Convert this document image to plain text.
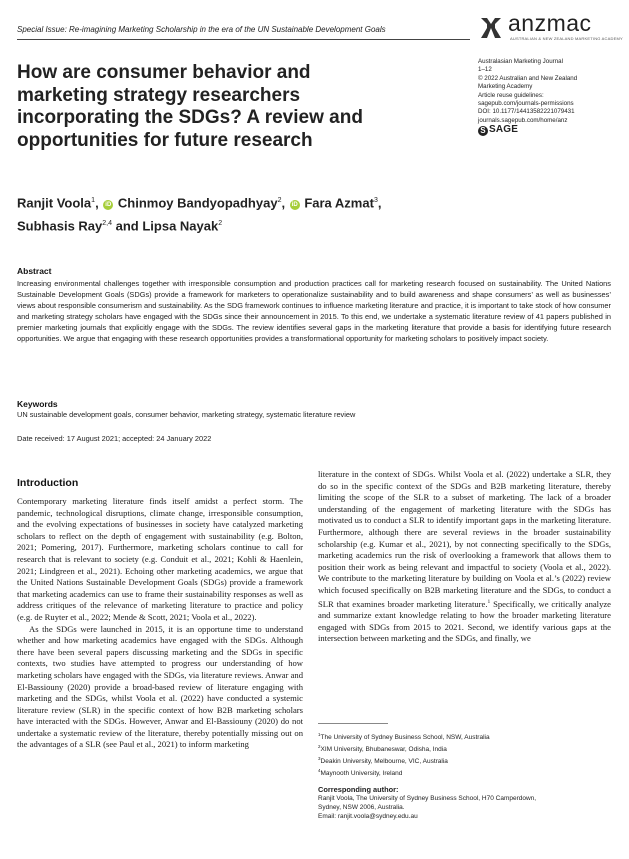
Special Issue: Re-imagining Marketing Scholarship in the era of the UN Sustainable Development Goals	anzmac
AUSTRALIAN & NEW ZEALAND MARKETING ACADEMY
How are consumer behavior and marketing strategy researchers incorporating the SDGs? A review and opportunities for future research
Australasian Marketing Journal
1–12
© 2022 Australian and New Zealand
Marketing Academy
Article reuse guidelines:
sagepub.com/journals-permissions
DOI: 10.1177/14413582221079431
journals.sagepub.com/home/anz
S SAGE
Ranjit Voola$^1$, iD Chinmoy Bandyopadhyay$^2$, iD Fara Azmat$^3$,
Subhasis Ray$^{2,4}$ and Lipsa Nayak$^2$
Abstract
Increasing environmental challenges together with irresponsible consumption and production practices call for marketing research focused on sustainability. The United Nations Sustainable Development Goals (SDGs) provide a framework for marketers to operationalize sustainability and to build awareness and shape consumers’ as well as businesses’ views about responsible consumerism and sustainability. As the SDG framework continues to influence marketing literature and practice, it is important to take stock of how consumer and marketing strategy scholars have engaged with the SDGs since their announcement in 2015. To this end, we undertake a systematic literature review of 41 papers published in premier marketing journals that explicitly engage with the SDGs. The review identifies several gaps in the marketing literature that provide a basis for identifying future research opportunities. We argue that engaging with these research opportunities provides a transformational opportunity for marketing scholars to positively impact society.
Keywords
UN sustainable development goals, consumer behavior, marketing strategy, systematic literature review
Date received: 17 August 2021; accepted: 24 January 2022
Introduction

Contemporary marketing literature finds itself amidst a perfect storm. The pandemic, technological disruptions, climate change, irresponsible consumption, and the evolving expectations of businesses in society have catalyzed marketing scholars to reflect on the depth of engagement with sustainability (e.g. Bolton, 2021; Pomering, 2017). Furthermore, marketing scholars continue to call for research that is relevant to society (e.g. Conduit et al., 2021; Kohli & Haenlein, 2021; Lindgreen et al., 2021). Echoing other marketing academics, we argue that the United Nations Sustainable Development Goals (SDGs) provide a framework that marketing academics can use to frame their sustainability responses as well as address critiques of the relevance of marketing literature to practice and policy (e.g. de Ruyter et al., 2022; Mende & Scott, 2021; Voola et al., 2022).

As the SDGs were launched in 2015, it is an opportune time to understand whether and how marketing academics have engaged with the SDGs. Although there have been several papers discussing marketing and the SDGs in specific contexts, two studies have attempted to progress our understanding of how marketing scholars have engaged with the SDGs, via literature reviews. Anwar and El-Bassiouny (2020) provide a broad-based review of literature engaging with marketing and the SDGs, whilst Voola et al. (2022) have conducted a systemic literature review (SLR) in the specific context of how B2B marketing scholars have interacted with the SDGs. However, Anwar and El-Bassiouny (2020) do not undertake a systematic review of the literature, thereby potentially missing out on the advantages of a SLR (see Paul et al., 2021) to inform marketing

literature in the context of SDGs. Whilst Voola et al. (2022) undertake a SLR, they do so in the specific context of the SDGs and B2B marketing literature, thereby limiting the scope of the SLR to a subset of marketing. The lack of a broader understanding of the engagement of marketing literature with the SDGs has motivated us to conduct a SLR to identify important gaps in the marketing literature. Furthermore, although there are several reviews in the broader sustainability scholarship (e.g. Kumar et al., 2021), by not connecting specifically to the SDGs, marketing academics run the risk of overlooking a framework that allows them to position their work as being relevant and impactful to society (Voola et al., 2022). We contribute to the marketing literature by building on Voola et al.’s (2022) review which focused specifically on B2B marketing literature and the SDGs, to conduct a SLR that examines broader marketing literature.$^1$ Specifically, we critically analyze and summarize extant knowledge relating to how the broader marketing literature engaged with SDGs from 2015 to 2021. Second, we identify various gaps at the intersection between marketing and the SDGs, and finally, we

$^1$The University of Sydney Business School, NSW, Australia
$^2$XIM University, Bhubaneswar, Odisha, India
$^3$Deakin University, Melbourne, VIC, Australia
$^4$Maynooth University, Ireland
Corresponding author:
Ranjit Voola, The University of Sydney Business School, H70 Camperdown,
Sydney, NSW 2006, Australia.
Email: ranjit.voola@sydney.edu.au
